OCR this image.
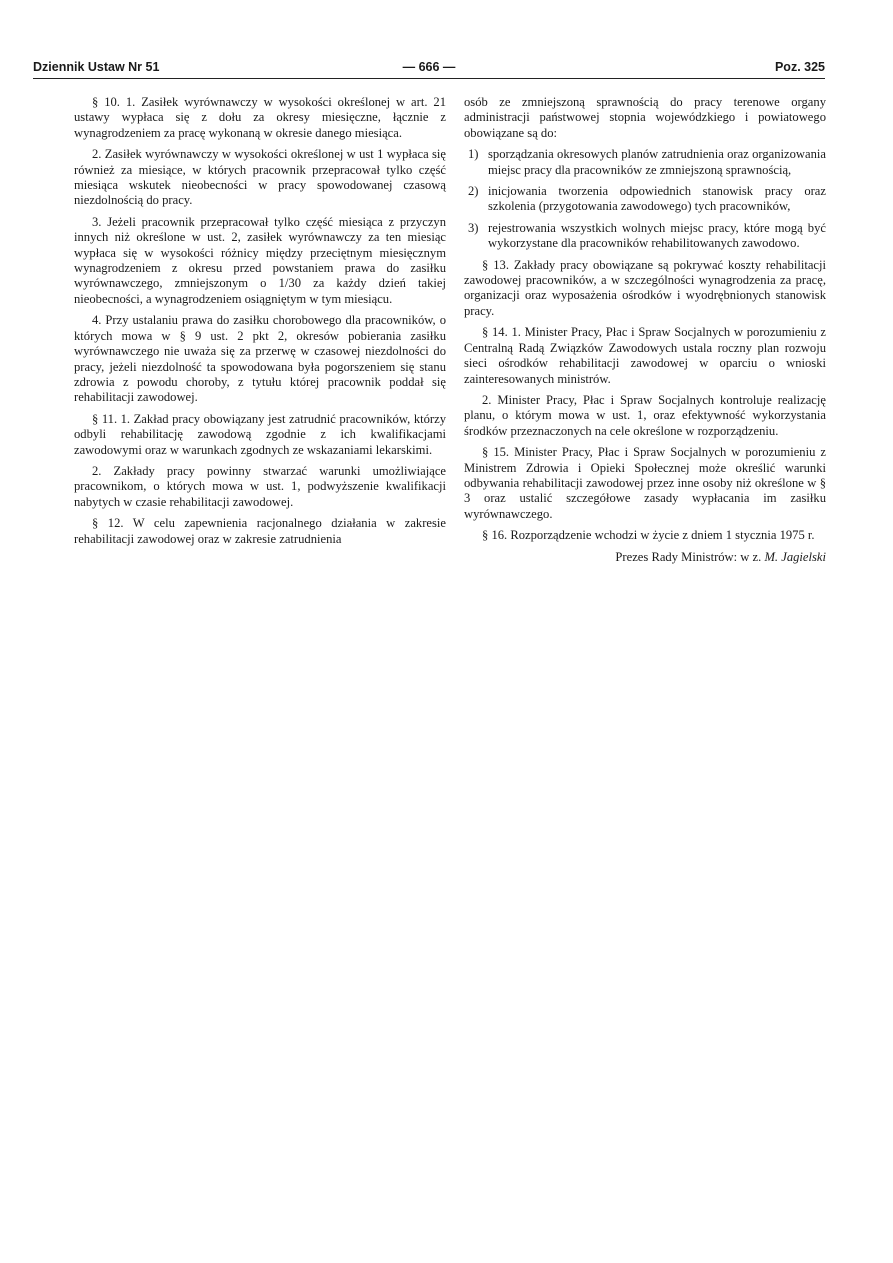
Dziennik Ustaw Nr 51	— 666 —	Poz. 325

§ 10. 1. Zasiłek wyrównawczy w wysokości określonej w art. 21 ustawy wypłaca się z dołu za okresy miesięczne, łącznie z wynagrodzeniem za pracę wykonaną w okresie danego miesiąca.

2. Zasiłek wyrównawczy w wysokości określonej w ust 1 wypłaca się również za miesiące, w których pracownik przepracował tylko część miesiąca wskutek nieobecności w pracy spowodowanej czasową niezdolnością do pracy.

3. Jeżeli pracownik przepracował tylko część miesiąca z przyczyn innych niż określone w ust. 2, zasiłek wyrównawczy za ten miesiąc wypłaca się w wysokości różnicy między przeciętnym miesięcznym wynagrodzeniem z okresu przed powstaniem prawa do zasiłku wyrównawczego, zmniejszonym o 1/30 za każdy dzień takiej nieobecności, a wynagrodzeniem osiągniętym w tym miesiącu.

4. Przy ustalaniu prawa do zasiłku chorobowego dla pracowników, o których mowa w § 9 ust. 2 pkt 2, okresów pobierania zasiłku wyrównawczego nie uważa się za przerwę w czasowej niezdolności do pracy, jeżeli niezdolność ta spowodowana była pogorszeniem się stanu zdrowia z powodu choroby, z tytułu której pracownik poddał się rehabilitacji zawodowej.

§ 11. 1. Zakład pracy obowiązany jest zatrudnić pracowników, którzy odbyli rehabilitację zawodową zgodnie z ich kwalifikacjami zawodowymi oraz w warunkach zgodnych ze wskazaniami lekarskimi.

2. Zakłady pracy powinny stwarzać warunki umożliwiające pracownikom, o których mowa w ust. 1, podwyższenie kwalifikacji nabytych w czasie rehabilitacji zawodowej.

§ 12. W celu zapewnienia racjonalnego działania w zakresie rehabilitacji zawodowej oraz w zakresie zatrudnienia

osób ze zmniejszoną sprawnością do pracy terenowe organy administracji państwowej stopnia wojewódzkiego i powiatowego obowiązane są do:

1) sporządzania okresowych planów zatrudnienia oraz organizowania miejsc pracy dla pracowników ze zmniejszoną sprawnością,
2) inicjowania tworzenia odpowiednich stanowisk pracy oraz szkolenia (przygotowania zawodowego) tych pracowników,
3) rejestrowania wszystkich wolnych miejsc pracy, które mogą być wykorzystane dla pracowników rehabilitowanych zawodowo.

§ 13. Zakłady pracy obowiązane są pokrywać koszty rehabilitacji zawodowej pracowników, a w szczególności wynagrodzenia za pracę, organizacji oraz wyposażenia ośrodków i wyodrębnionych stanowisk pracy.

§ 14. 1. Minister Pracy, Płac i Spraw Socjalnych w porozumieniu z Centralną Radą Związków Zawodowych ustala roczny plan rozwoju sieci ośrodków rehabilitacji zawodowej w oparciu o wnioski zainteresowanych ministrów.

2. Minister Pracy, Płac i Spraw Socjalnych kontroluje realizację planu, o którym mowa w ust. 1, oraz efektywność wykorzystania środków przeznaczonych na cele określone w rozporządzeniu.

§ 15. Minister Pracy, Płac i Spraw Socjalnych w porozumieniu z Ministrem Zdrowia i Opieki Społecznej może określić warunki odbywania rehabilitacji zawodowej przez inne osoby niż określone w § 3 oraz ustalić szczegółowe zasady wypłacania im zasiłku wyrównawczego.

§ 16. Rozporządzenie wchodzi w życie z dniem 1 stycznia 1975 r.

Prezes Rady Ministrów: w z. M. Jagielski
